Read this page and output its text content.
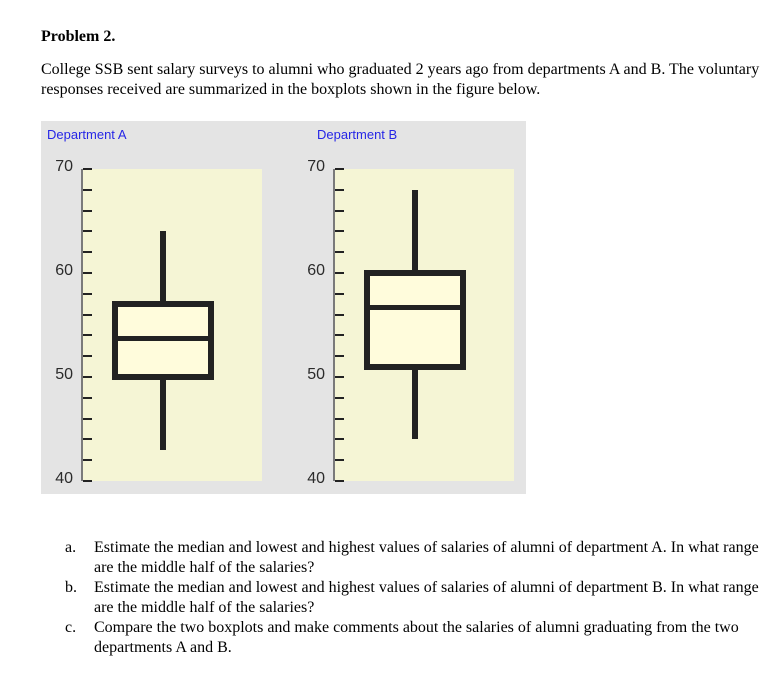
Problem 2.
College SSB sent salary surveys to alumni who graduated 2 years ago from departments A and B. The voluntary responses received are summarized in the boxplots shown in the figure below.
Department A
40
50
60
70
Department B
40
50
60
70
a. Estimate the median and lowest and highest values of salaries of alumni of department A. In what range are the middle half of the salaries?
b. Estimate the median and lowest and highest values of salaries of alumni of department B. In what range are the middle half of the salaries?
c. Compare the two boxplots and make comments about the salaries of alumni graduating from the two departments A and B.
